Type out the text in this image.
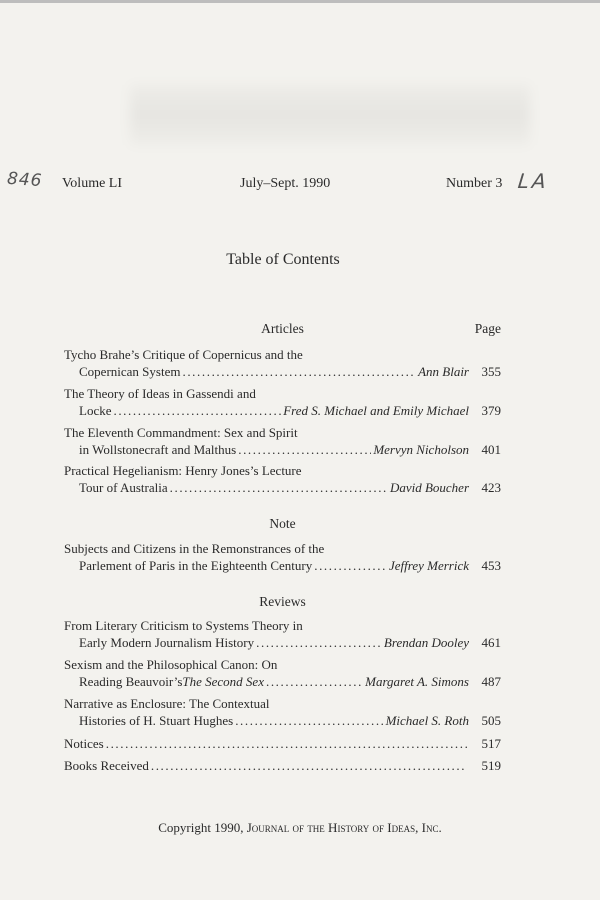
846	LA
Volume LI	July–Sept. 1990	Number 3
Table of Contents
Articles	Page
Tycho Brahe’s Critique of Copernicus and the
Copernican System .....	Ann Blair 355
The Theory of Ideas in Gassendi and
Locke .....	Fred S. Michael and Emily Michael 379
The Eleventh Commandment: Sex and Spirit
in Wollstonecraft and Malthus .....	Mervyn Nicholson 401
Practical Hegelianism: Henry Jones’s Lecture
Tour of Australia .....	David Boucher 423
Note
Subjects and Citizens in the Remonstrances of the
Parlement of Paris in the Eighteenth Century .....	Jeffrey Merrick 453
Reviews
From Literary Criticism to Systems Theory in
Early Modern Journalism History .....	Brendan Dooley 461
Sexism and the Philosophical Canon: On
Reading Beauvoir’s The Second Sex .....	Margaret A. Simons 487
Narrative as Enclosure: The Contextual
Histories of H. Stuart Hughes .....	Michael S. Roth 505
Notices .....	517
Books Received .....	519
Copyright 1990, Journal of the History of Ideas, Inc.
